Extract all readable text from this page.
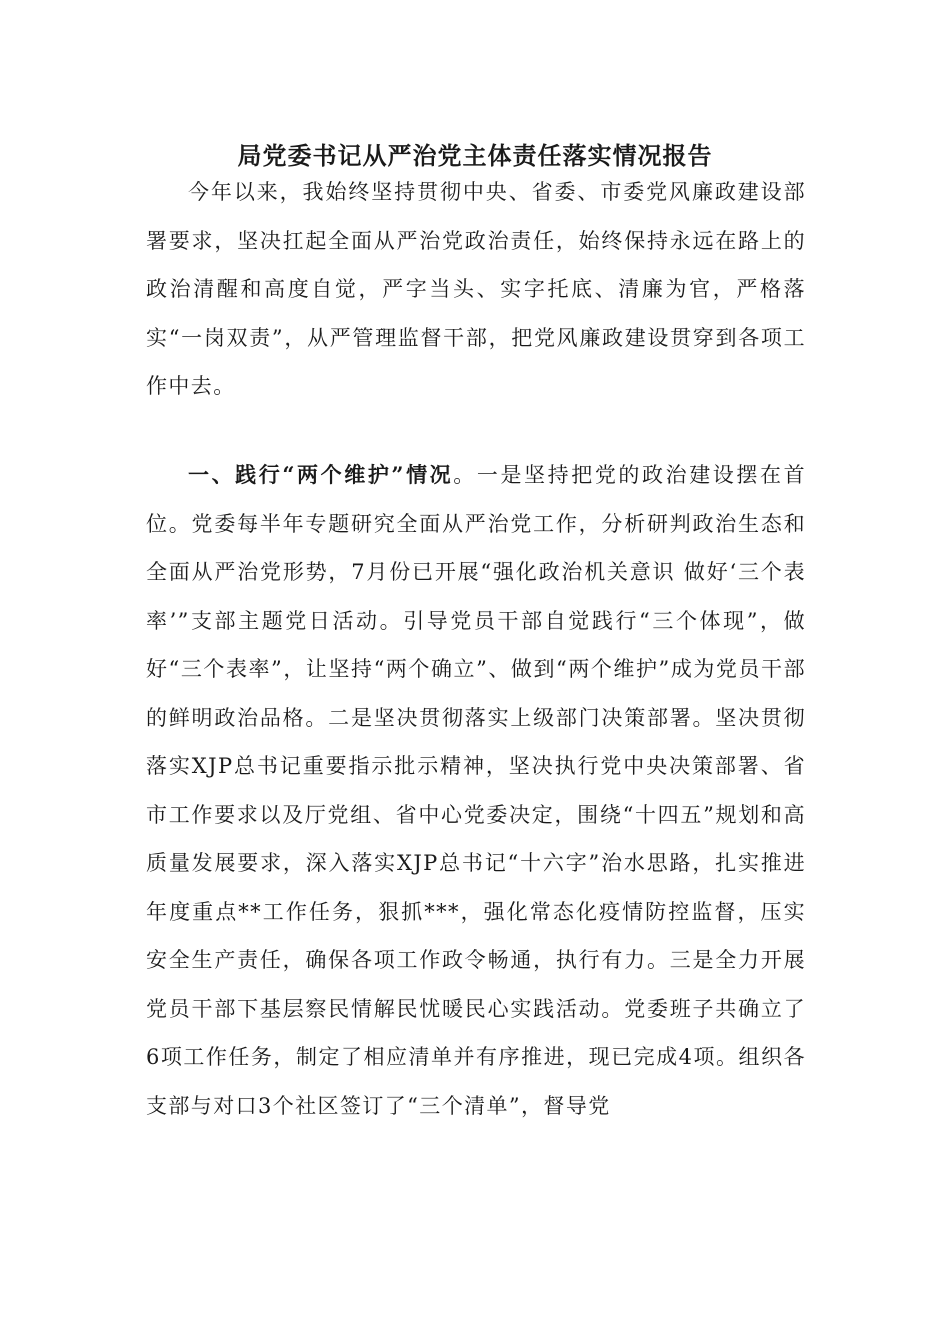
局党委书记从严治党主体责任落实情况报告

今年以来，我始终坚持贯彻中央、省委、市委党风廉政建设部署要求，坚决扛起全面从严治党政治责任，始终保持永远在路上的政治清醒和高度自觉，严字当头、实字托底、清廉为官，严格落实“一岗双责”，从严管理监督干部，把党风廉政建设贯穿到各项工作中去。

一、践行“两个维护”情况。一是坚持把党的政治建设摆在首位。党委每半年专题研究全面从严治党工作，分析研判政治生态和全面从严治党形势，7月份已开展“强化政治机关意识 做好‘三个表率’”支部主题党日活动。引导党员干部自觉践行“三个体现”，做好“三个表率”，让坚持“两个确立”、做到“两个维护”成为党员干部的鲜明政治品格。二是坚决贯彻落实上级部门决策部署。坚决贯彻落实XJP总书记重要指示批示精神，坚决执行党中央决策部署、省市工作要求以及厅党组、省中心党委决定，围绕“十四五”规划和高质量发展要求，深入落实XJP总书记“十六字”治水思路，扎实推进年度重点**工作任务，狠抓***，强化常态化疫情防控监督，压实安全生产责任，确保各项工作政令畅通，执行有力。三是全力开展党员干部下基层察民情解民忧暖民心实践活动。党委班子共确立了6项工作任务，制定了相应清单并有序推进，现已完成4项。组织各支部与对口3个社区签订了“三个清单”，督导党
